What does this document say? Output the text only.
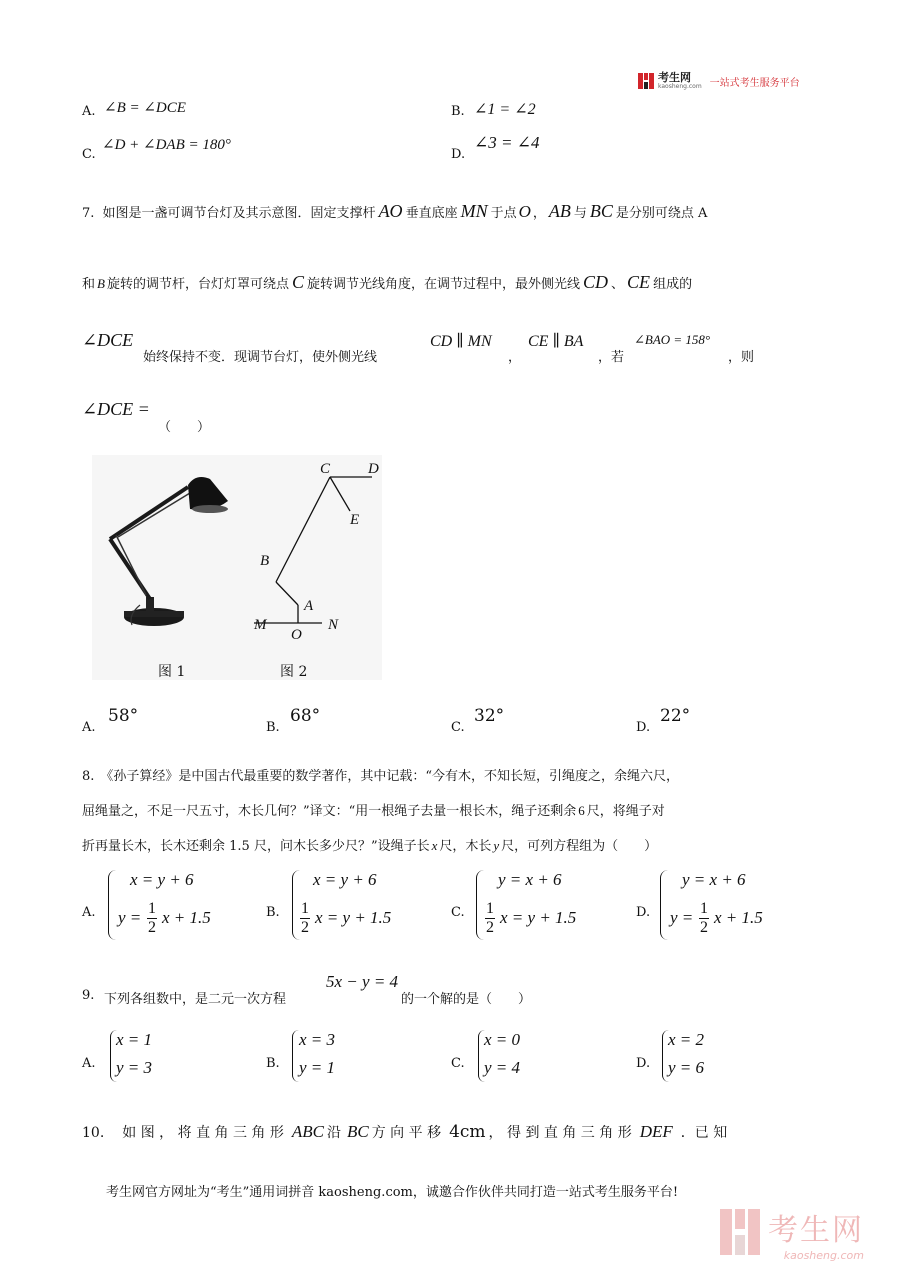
考生网
kaosheng.com 一站式考生服务平台
A. ∠B = ∠DCE	B. ∠1 = ∠2
C.
∠D + ∠DAB = 180°
D.
∠3 = ∠4
7. 如图是一盏可调节台灯及其示意图．固定支撑杆 AO 垂直底座 MN 于点 O ， AB 与 BC 是分别可绕点 A
和 B 旋转的调节杆，台灯灯罩可绕点 C 旋转调节光线角度，在调节过程中，最外侧光线 CD 、 CE 组成的
∠DCE
始终保持不变．现调节台灯，使外侧光线
CD ∥ MN
，
CE ∥ BA
，若
∠BAO = 158°
，则
∠DCE =
（　　）
C	D
E
B
A
M
O
N
图 1	图 2
A.
58°
B.
68°
C.
32°
D.
22°
8. 《孙子算经》是中国古代最重要的数学著作，其中记载：“今有木，不知长短，引绳度之，余绳六尺，
屈绳量之，不足一尺五寸，木长几何？”译文：“用一根绳子去量一根长木，绳子还剩余 6 尺，将绳子对
折再量长木，长木还剩余 1.5 尺，问木长多少尺？”设绳子长 x 尺，木长 y 尺，可列方程组为（　　）
A.
x = y + 6
$y = \frac{1}{2}$ x + 1.5	B.
x = y + 6
$\frac{1}{2}$ x = y + 1.5	C.
y = x + 6
$\frac{1}{2}$ x = y + 1.5	D.
y = x + 6
$y = \frac{1}{2}$ x + 1.5
9. 下列各组数中，是二元一次方程
5x − y = 4
的一个解的是（　　）
A.
x = 1
y = 3	B.
x = 3
y = 1	C.
x = 0
y = 4	D.
x = 2
y = 6
10. 如 图 ， 将 直 角 三 角 形 ABC 沿 BC 方 向 平 移 4cm ， 得 到 直 角 三 角 形 DEF ．已 知
考生网官方网址为“考生”通用词拼音 kaosheng.com，诚邀合作伙伴共同打造一站式考生服务平台!
考生网
kaosheng.com
